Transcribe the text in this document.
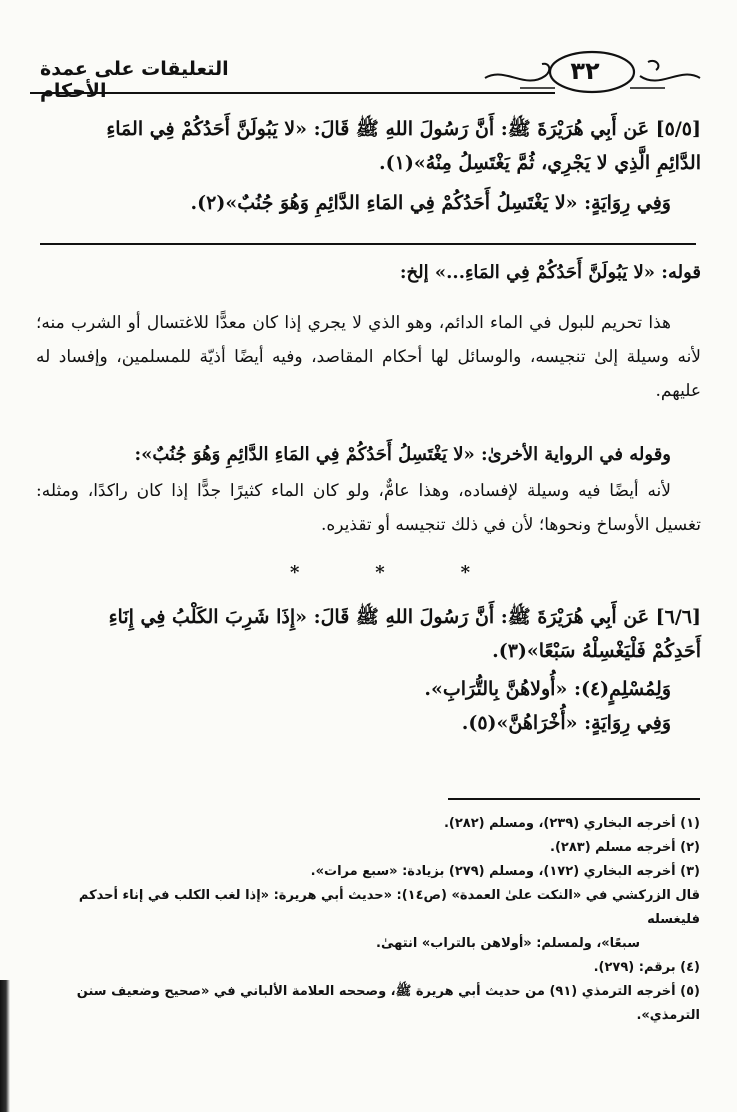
التعليقات على عمدة الأحكام
٣٢
[٥/٥] عَن أَبِي هُرَيْرَةَ ﷺ: أَنَّ رَسُولَ اللهِ ﷺ قَالَ: «لا يَبُولَنَّ أَحَدُكُمْ فِي المَاءِ
الدَّائِمِ الَّذِي لا يَجْرِي، ثُمَّ يَغْتَسِلُ مِنْهُ»(١).
وَفِي رِوَايَةٍ: «لا يَغْتَسِلُ أَحَدُكُمْ فِي المَاءِ الدَّائِمِ وَهُوَ جُنُبٌ»(٢).
قوله: «لا يَبُولَنَّ أَحَدُكُمْ فِي المَاءِ...» إلخ:
هذا تحريم للبول في الماء الدائم، وهو الذي لا يجري إذا كان معدًّا للاغتسال أو الشرب منه؛ لأنه وسيلة إلىٰ تنجيسه، والوسائل لها أحكام المقاصد، وفيه أيضًا أذيّة للمسلمين، وإفساد له عليهم.
وقوله في الرواية الأخرىٰ: «لا يَغْتَسِلُ أَحَدُكُمْ فِي المَاءِ الدَّائِمِ وَهُوَ جُنُبٌ»:
لأنه أيضًا فيه وسيلة لإفساده، وهذا عامٌّ، ولو كان الماء كثيرًا جدًّا إذا كان راكدًا، ومثله: تغسيل الأوساخ ونحوها؛ لأن في ذلك تنجيسه أو تقذيره.
*	*	*
[٦/٦] عَن أَبِي هُرَيْرَةَ ﷺ: أَنَّ رَسُولَ اللهِ ﷺ قَالَ: «إِذَا شَرِبَ الكَلْبُ فِي إِنَاءِ
أَحَدِكُمْ فَلْيَغْسِلْهُ سَبْعًا»(٣).
وَلِمُسْلِمٍ(٤): «أُولاهُنَّ بِالتُّرَابِ».
وَفِي رِوَايَةٍ: «أُخْرَاهُنَّ»(٥).
(١) أخرجه البخاري (٢٣٩)، ومسلم (٢٨٢).
(٢) أخرجه مسلم (٢٨٣).
(٣) أخرجه البخاري (١٧٢)، ومسلم (٢٧٩) بزيادة: «سبع مرات».
قال الزركشي في «النكت علىٰ العمدة» (ص١٤): «حديث أبي هريرة: «إذا لغب الكلب في إناء أحدكم فليغسله
سبعًا»، ولمسلم: «أولاهن بالتراب» انتهىٰ.
(٤) برقم: (٢٧٩).
(٥) أخرجه الترمذي (٩١) من حديث أبي هريرة ﷺ، وصححه العلامة الألباني في «صحيح وضعيف سنن الترمذي».
